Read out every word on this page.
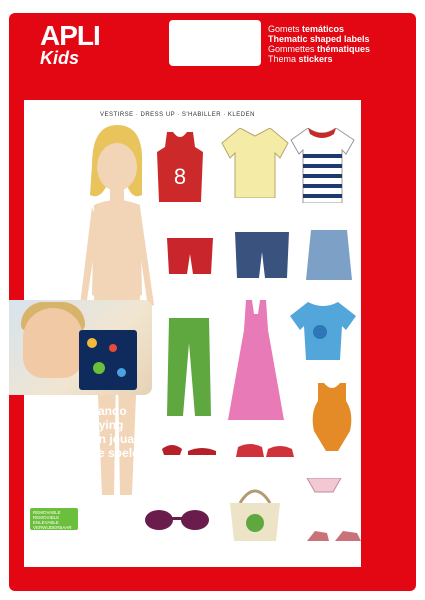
APLI
Kids
Gomets temáticos
Thematic shaped labels
Gommettes thématiques
Thema stickers
VESTIRSE · DRESS UP · S'HABILLER · KLEDEN
8
Aprende jugando
Learn by playing
Apprendre en jouant
Leren door te spelen
2 h/sh/f/v
REMOVABLE
REMOVIBLE
ENLEVABLE
VERWIJDERBAAR
